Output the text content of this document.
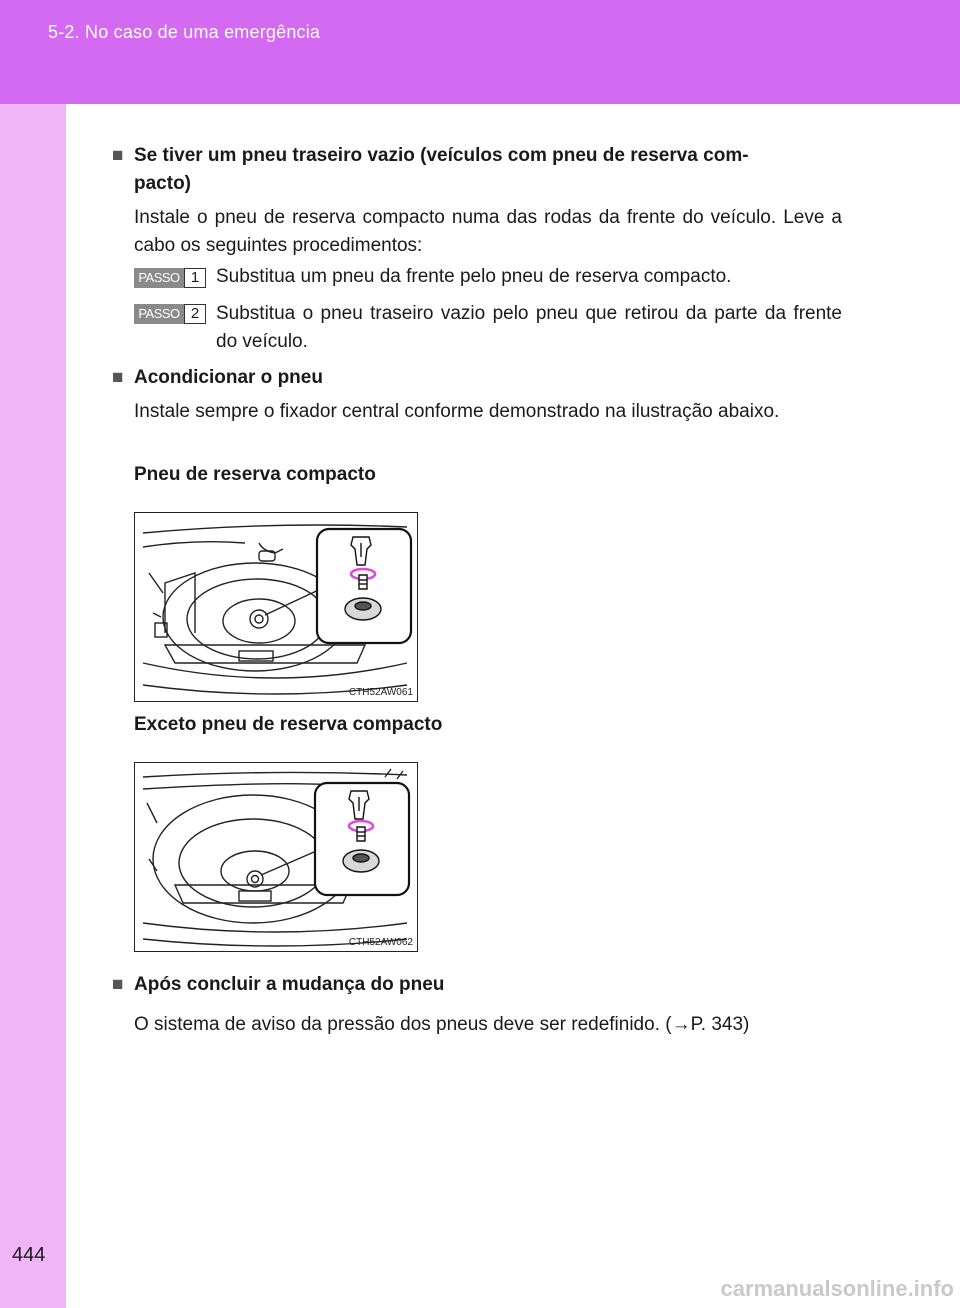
5-2. No caso de uma emergência
■ Se tiver um pneu traseiro vazio (veículos com pneu de reserva com-
pacto)
Instale o pneu de reserva compacto numa das rodas da frente do veículo. Leve a cabo os seguintes procedimentos:
PASSO 1 Substitua um pneu da frente pelo pneu de reserva compacto.
PASSO 2 Substitua o pneu traseiro vazio pelo pneu que retirou da parte da frente do veículo.
■ Acondicionar o pneu
Instale sempre o fixador central conforme demonstrado na ilustração abaixo.
Pneu de reserva compacto
CTH52AW061
Exceto pneu de reserva compacto
CTH52AW062
■ Após concluir a mudança do pneu
O sistema de aviso da pressão dos pneus deve ser redefinido. (→P. 343)
444
carmanualsonline.info
